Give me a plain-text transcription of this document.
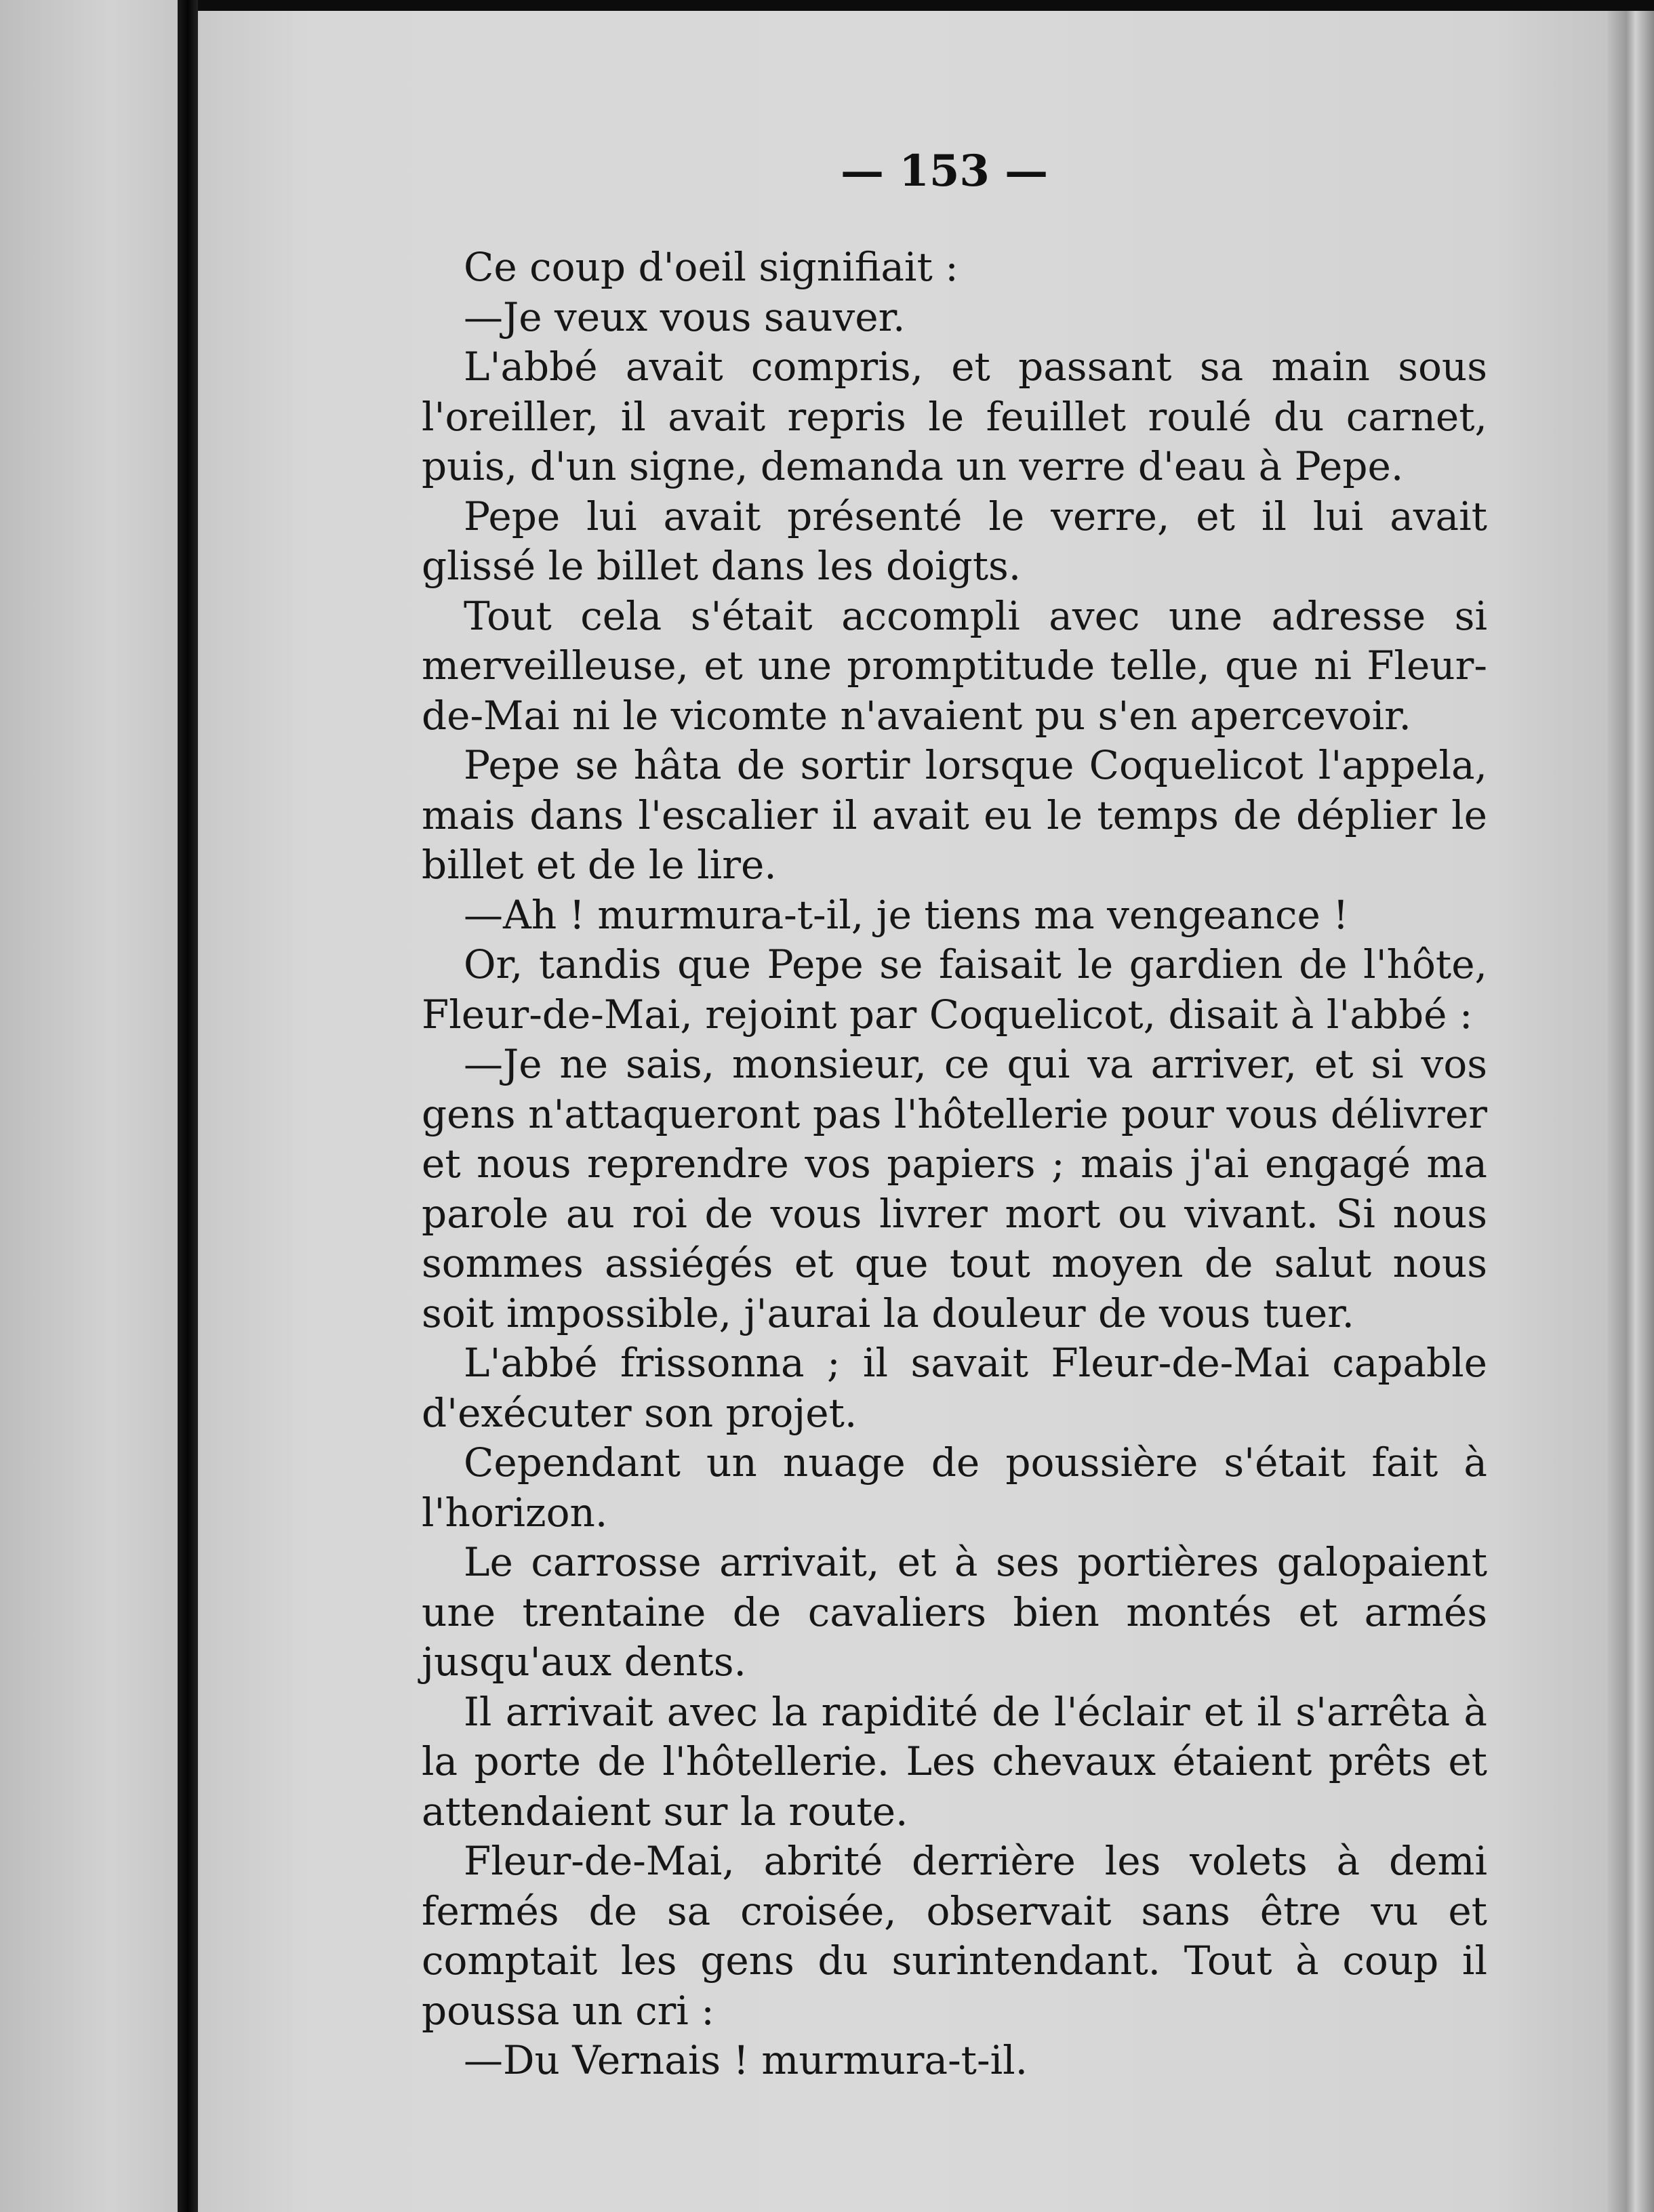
— 153 —

Ce coup d'oeil signifiait :

—Je veux vous sauver.

L'abbé avait compris, et passant sa main sous l'oreiller, il avait repris le feuillet roulé du carnet, puis, d'un signe, demanda un verre d'eau à Pepe.

Pepe lui avait présenté le verre, et il lui avait glissé le billet dans les doigts.

Tout cela s'était accompli avec une adresse si merveilleuse, et une promptitude telle, que ni Fleur-de-Mai ni le vicomte n'avaient pu s'en apercevoir.

Pepe se hâta de sortir lorsque Coquelicot l'appela, mais dans l'escalier il avait eu le temps de déplier le billet et de le lire.

—Ah ! murmura-t-il, je tiens ma vengeance !

Or, tandis que Pepe se faisait le gardien de l'hôte, Fleur-de-Mai, rejoint par Coquelicot, disait à l'abbé :

—Je ne sais, monsieur, ce qui va arriver, et si vos gens n'attaqueront pas l'hôtellerie pour vous délivrer et nous reprendre vos papiers ; mais j'ai engagé ma parole au roi de vous livrer mort ou vivant. Si nous sommes assiégés et que tout moyen de salut nous soit impossible, j'aurai la douleur de vous tuer.

L'abbé frissonna ; il savait Fleur-de-Mai capable d'exécuter son projet.

Cependant un nuage de poussière s'était fait à l'horizon.

Le carrosse arrivait, et à ses portières galopaient une trentaine de cavaliers bien montés et armés jusqu'aux dents.

Il arrivait avec la rapidité de l'éclair et il s'arrêta à la porte de l'hôtellerie. Les chevaux étaient prêts et attendaient sur la route.

Fleur-de-Mai, abrité derrière les volets à demi fermés de sa croisée, observait sans être vu et comptait les gens du surintendant. Tout à coup il poussa un cri :

—Du Vernais ! murmura-t-il.
